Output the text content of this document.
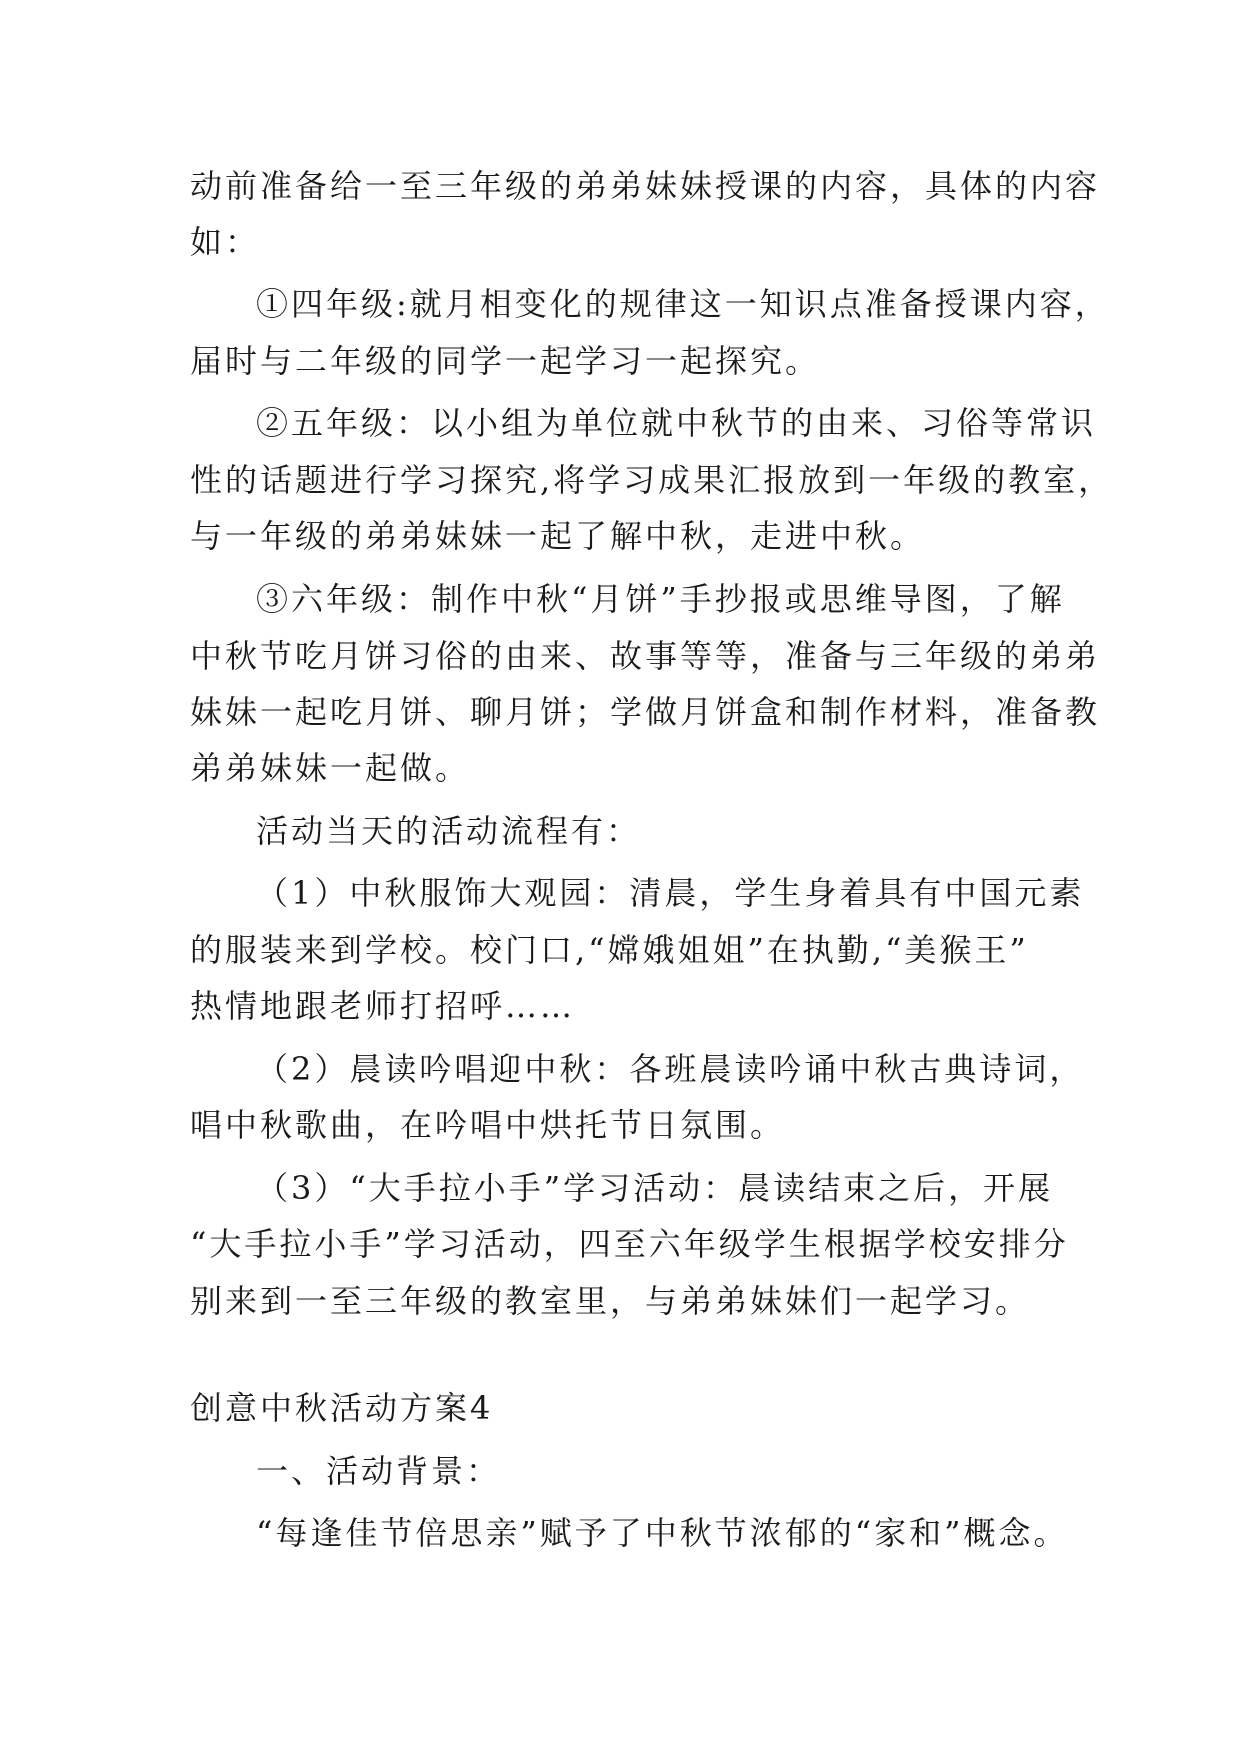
动前准备给一至三年级的弟弟妹妹授课的内容，具体的内容
如：
①四年级:就月相变化的规律这一知识点准备授课内容，
届时与二年级的同学一起学习一起探究。
②五年级：以小组为单位就中秋节的由来、习俗等常识
性的话题进行学习探究,将学习成果汇报放到一年级的教室，
与一年级的弟弟妹妹一起了解中秋，走进中秋。
③六年级：制作中秋“月饼”手抄报或思维导图，了解
中秋节吃月饼习俗的由来、故事等等，准备与三年级的弟弟
妹妹一起吃月饼、聊月饼；学做月饼盒和制作材料，准备教
弟弟妹妹一起做。
活动当天的活动流程有：
（1）中秋服饰大观园：清晨，学生身着具有中国元素
的服装来到学校。校门口,“嫦娥姐姐”在执勤,“美猴王”
热情地跟老师打招呼……
（2）晨读吟唱迎中秋：各班晨读吟诵中秋古典诗词，
唱中秋歌曲，在吟唱中烘托节日氛围。
（3）“大手拉小手”学习活动：晨读结束之后，开展
“大手拉小手”学习活动，四至六年级学生根据学校安排分
别来到一至三年级的教室里，与弟弟妹妹们一起学习。
创意中秋活动方案4
一、活动背景：
“每逢佳节倍思亲”赋予了中秋节浓郁的“家和”概念。
